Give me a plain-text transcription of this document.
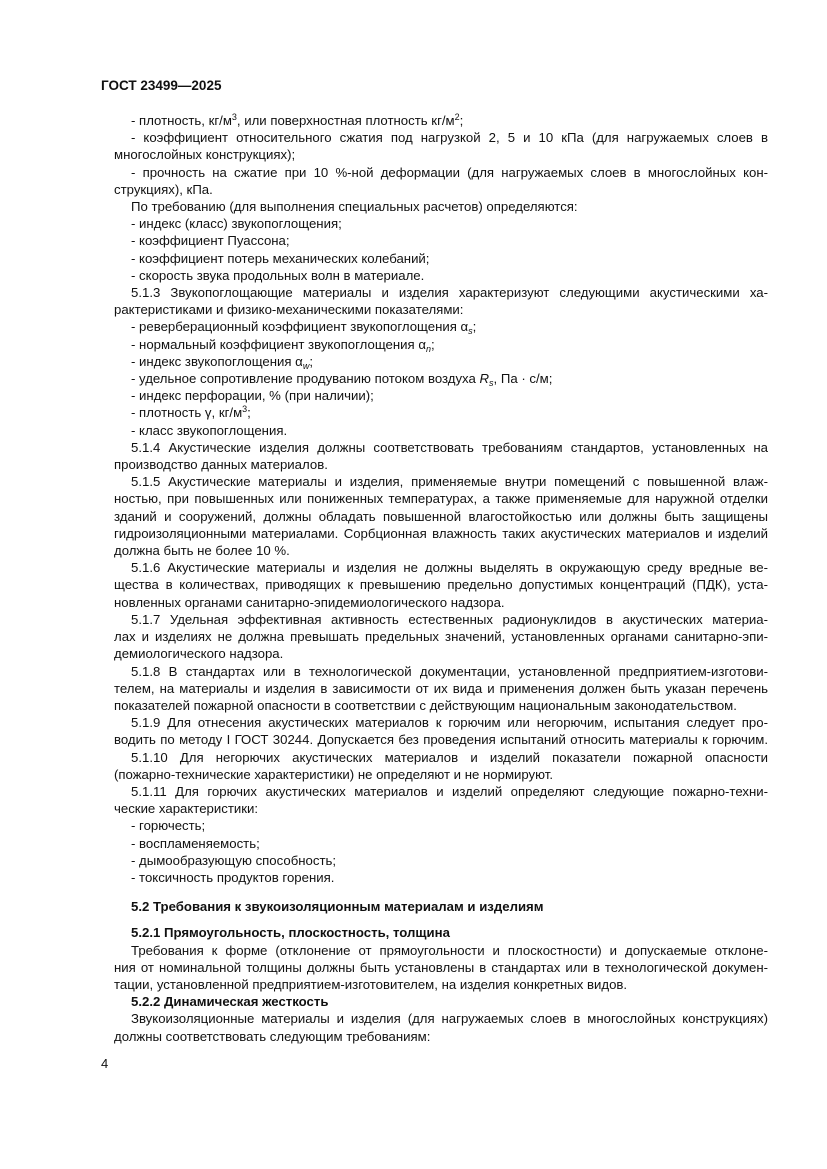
ГОСТ 23499—2025
- плотность, $кг/м^3$, или поверхностная плотность $кг/м^2$;
- коэффициент относительного сжатия под нагрузкой 2, 5 и 10 кПа (для нагружаемых слоев в
многослойных конструкциях);
- прочность на сжатие при 10 %-ной деформации (для нагружаемых слоев в многослойных кон-
струкциях), кПа.
По требованию (для выполнения специальных расчетов) определяются:
- индекс (класс) звукопоглощения;
- коэффициент Пуассона;
- коэффициент потерь механических колебаний;
- скорость звука продольных волн в материале.
5.1.3 Звукопоглощающие материалы и изделия характеризуют следующими акустическими ха-
рактеристиками и физико-механическими показателями:
- реверберационный коэффициент звукопоглощения $\alpha_s$;
- нормальный коэффициент звукопоглощения $\alpha_n$;
- индекс звукопоглощения $\alpha_w$;
- удельное сопротивление продуванию потоком воздуха $R_s$, Па · с/м;
- индекс перфорации, % (при наличии);
- плотность γ, $кг/м^3$;
- класс звукопоглощения.
5.1.4 Акустические изделия должны соответствовать требованиям стандартов, установленных на
производство данных материалов.
5.1.5 Акустические материалы и изделия, применяемые внутри помещений с повышенной влаж-
ностью, при повышенных или пониженных температурах, а также применяемые для наружной отделки
зданий и сооружений, должны обладать повышенной влагостойкостью или должны быть защищены
гидроизоляционными материалами. Сорбционная влажность таких акустических материалов и изделий
должна быть не более 10 %.
5.1.6 Акустические материалы и изделия не должны выделять в окружающую среду вредные ве-
щества в количествах, приводящих к превышению предельно допустимых концентраций (ПДК), уста-
новленных органами санитарно-эпидемиологического надзора.
5.1.7 Удельная эффективная активность естественных радионуклидов в акустических материа-
лах и изделиях не должна превышать предельных значений, установленных органами санитарно-эпи-
демиологического надзора.
5.1.8 В стандартах или в технологической документации, установленной предприятием-изготови-
телем, на материалы и изделия в зависимости от их вида и применения должен быть указан перечень
показателей пожарной опасности в соответствии с действующим национальным законодательством.
5.1.9 Для отнесения акустических материалов к горючим или негорючим, испытания следует про-
водить по методу I ГОСТ 30244. Допускается без проведения испытаний относить материалы к горючим.
5.1.10 Для негорючих акустических материалов и изделий показатели пожарной опасности
(пожарно-технические характеристики) не определяют и не нормируют.
5.1.11 Для горючих акустических материалов и изделий определяют следующие пожарно-техни-
ческие характеристики:
- горючесть;
- воспламеняемость;
- дымообразующую способность;
- токсичность продуктов горения.
5.2 Требования к звукоизоляционным материалам и изделиям
5.2.1 Прямоугольность, плоскостность, толщина
Требования к форме (отклонение от прямоугольности и плоскостности) и допускаемые отклоне-
ния от номинальной толщины должны быть установлены в стандартах или в технологической докумен-
тации, установленной предприятием-изготовителем, на изделия конкретных видов.
5.2.2 Динамическая жесткость
Звукоизоляционные материалы и изделия (для нагружаемых слоев в многослойных конструкциях)
должны соответствовать следующим требованиям:
4
